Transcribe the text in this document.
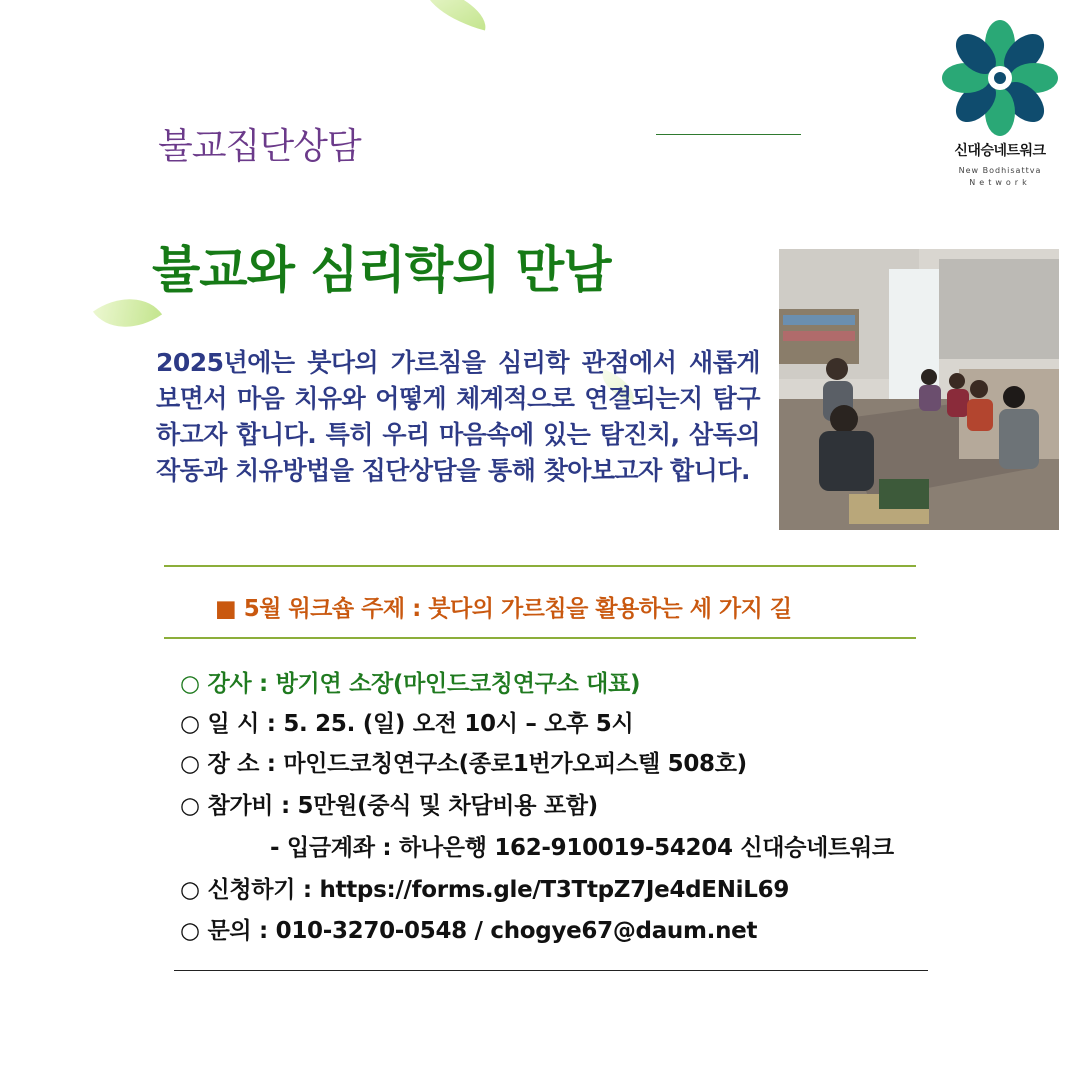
불교집단상담	신대승네트워크
New Bodhisattva
Network
불교와 심리학의 만남
2025년에는 붓다의 가르침을 심리학 관점에서 새롭게 보면서 마음 치유와 어떻게 체계적으로 연결되는지 탐구하고자 합니다. 특히 우리 마음속에 있는 탐진치, 삼독의 작동과 치유방법을 집단상담을 통해 찾아보고자 합니다.
■ 5월 워크숍 주제 : 붓다의 가르침을 활용하는 세 가지 길
○ 강사 : 방기연 소장(마인드코칭연구소 대표)
○ 일 시 : 5. 25. (일) 오전 10시 – 오후 5시
○ 장 소 : 마인드코칭연구소(종로1번가오피스텔 508호)
○ 참가비 : 5만원(중식 및 차담비용 포함)
- 입금계좌 : 하나은행 162-910019-54204 신대승네트워크
○ 신청하기 : https://forms.gle/T3TtpZ7Je4dENiL69
○ 문의 : 010-3270-0548 / chogye67@daum.net
